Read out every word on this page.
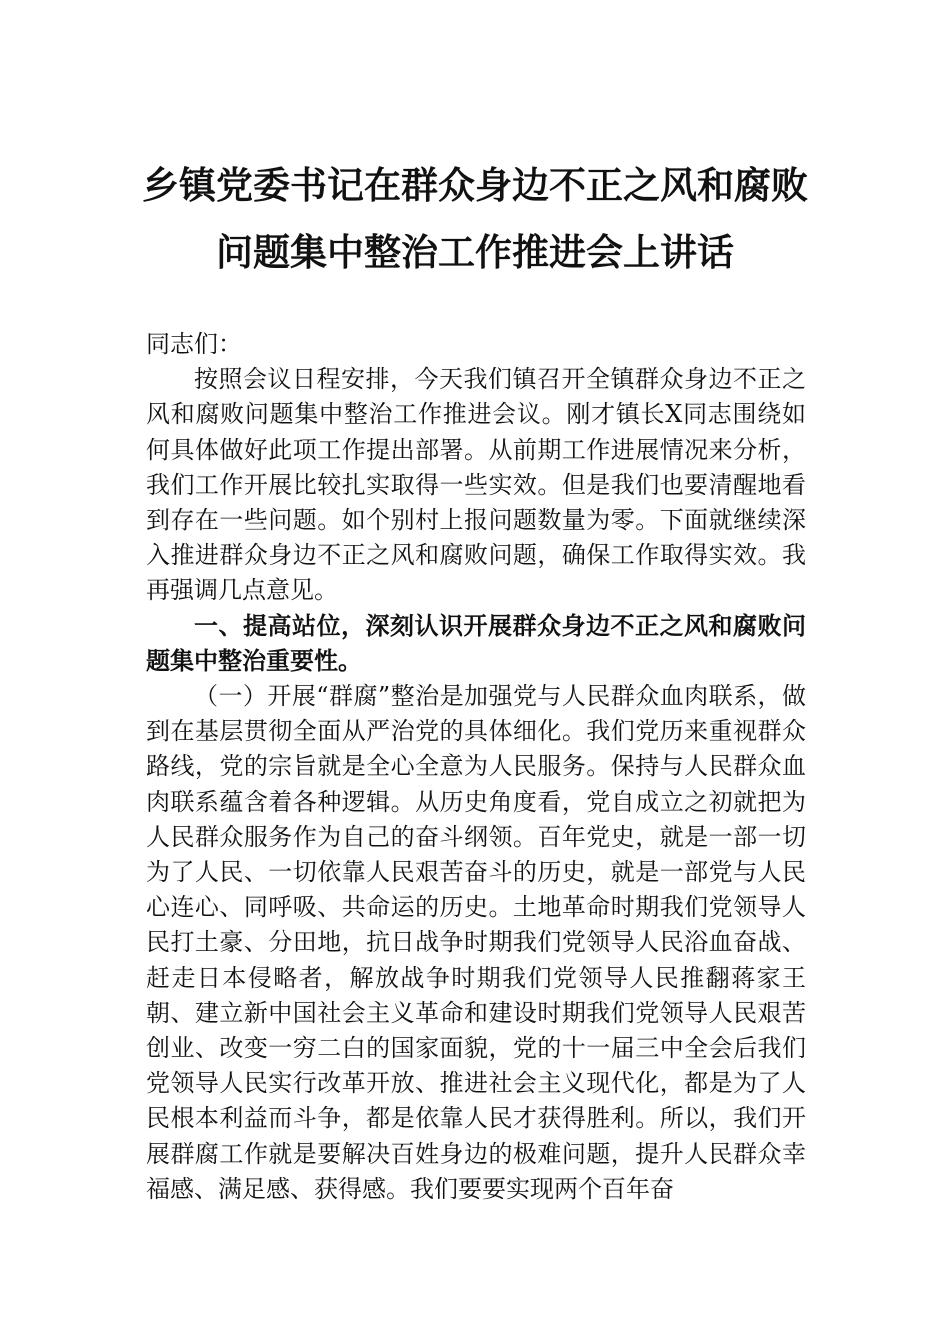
乡镇党委书记在群众身边不正之风和腐败
问题集中整治工作推进会上讲话

同志们：

按照会议日程安排，今天我们镇召开全镇群众身边不正之风和腐败问题集中整治工作推进会议。刚才镇长X同志围绕如何具体做好此项工作提出部署。从前期工作进展情况来分析，我们工作开展比较扎实取得一些实效。但是我们也要清醒地看到存在一些问题。如个别村上报问题数量为零。下面就继续深入推进群众身边不正之风和腐败问题，确保工作取得实效。我再强调几点意见。

一、提高站位，深刻认识开展群众身边不正之风和腐败问题集中整治重要性。

（一）开展“群腐”整治是加强党与人民群众血肉联系，做到在基层贯彻全面从严治党的具体细化。我们党历来重视群众路线，党的宗旨就是全心全意为人民服务。保持与人民群众血肉联系蕴含着各种逻辑。从历史角度看，党自成立之初就把为人民群众服务作为自己的奋斗纲领。百年党史，就是一部一切为了人民、一切依靠人民艰苦奋斗的历史，就是一部党与人民心连心、同呼吸、共命运的历史。土地革命时期我们党领导人民打土豪、分田地，抗日战争时期我们党领导人民浴血奋战、赶走日本侵略者，解放战争时期我们党领导人民推翻蒋家王朝、建立新中国社会主义革命和建设时期我们党领导人民艰苦创业、改变一穷二白的国家面貌，党的十一届三中全会后我们党领导人民实行改革开放、推进社会主义现代化，都是为了人民根本利益而斗争，都是依靠人民才获得胜利。所以，我们开展群腐工作就是要解决百姓身边的极难问题，提升人民群众幸福感、满足感、获得感。我们要要实现两个百年奋
